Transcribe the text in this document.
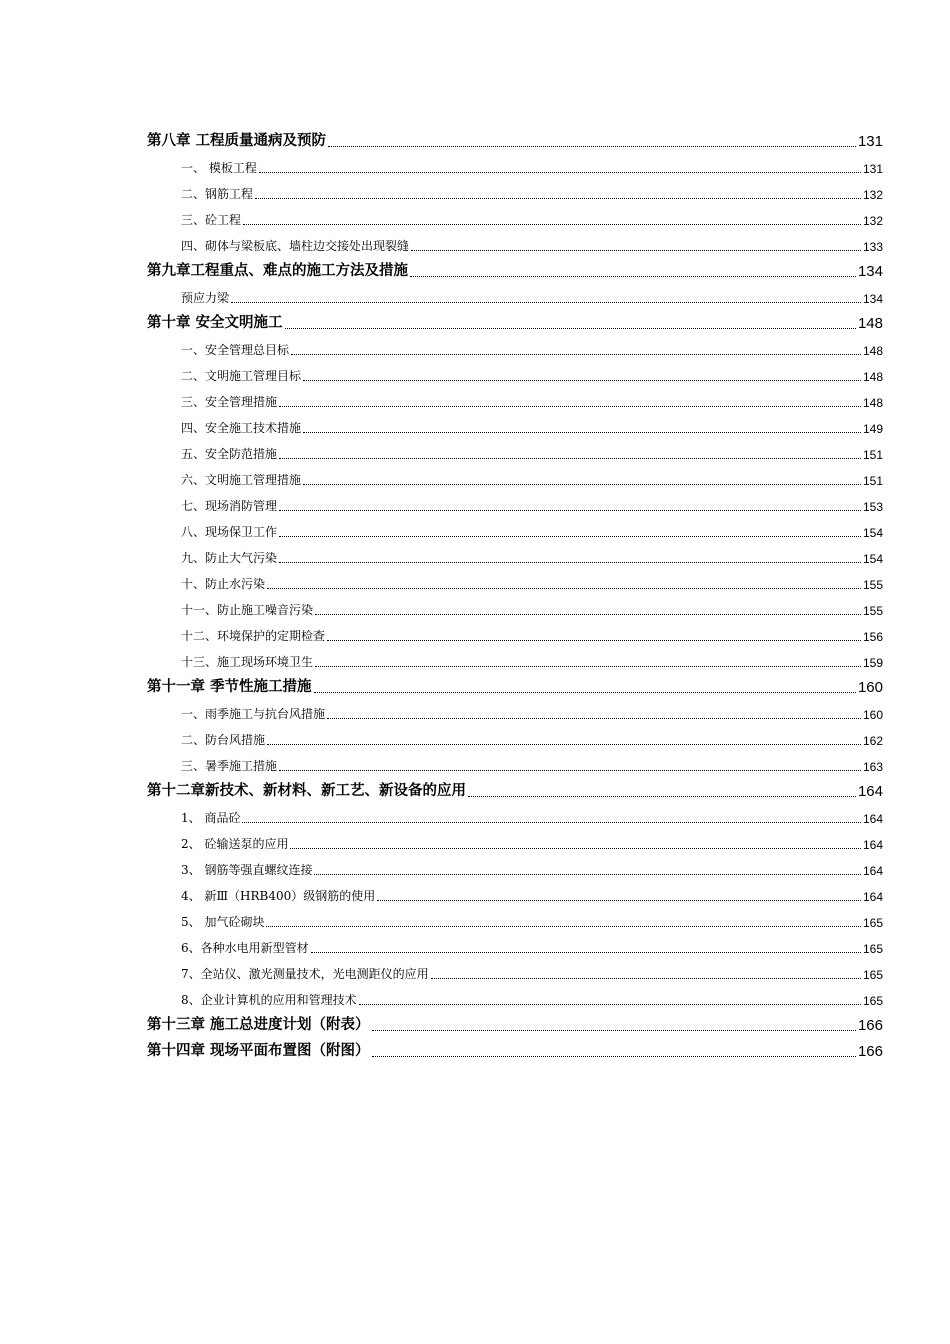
第八章 工程质量通病及预防	131
一、 模板工程	131
二、钢筋工程	132
三、砼工程	132
四、砌体与梁板底、墙柱边交接处出现裂缝	133
第九章工程重点、难点的施工方法及措施	134
预应力梁	134
第十章 安全文明施工	148
一、安全管理总目标	148
二、文明施工管理目标	148
三、安全管理措施	148
四、安全施工技术措施	149
五、安全防范措施	151
六、文明施工管理措施	151
七、现场消防管理	153
八、现场保卫工作	154
九、防止大气污染	154
十、防止水污染	155
十一、防止施工噪音污染	155
十二、环境保护的定期检查	156
十三、施工现场环境卫生	159
第十一章 季节性施工措施	160
一、雨季施工与抗台风措施	160
二、防台风措施	162
三、暑季施工措施	163
第十二章新技术、新材料、新工艺、新设备的应用	164
1、 商品砼	164
2、 砼输送泵的应用	164
3、 钢筋等强直螺纹连接	164
4、 新Ⅲ（HRB400）级钢筋的使用	164
5、 加气砼砌块	165
6、各种水电用新型管材	165
7、全站仪、激光测量技术，光电测距仪的应用	165
8、企业计算机的应用和管理技术	165
第十三章 施工总进度计划（附表）	166
第十四章 现场平面布置图（附图）	166
